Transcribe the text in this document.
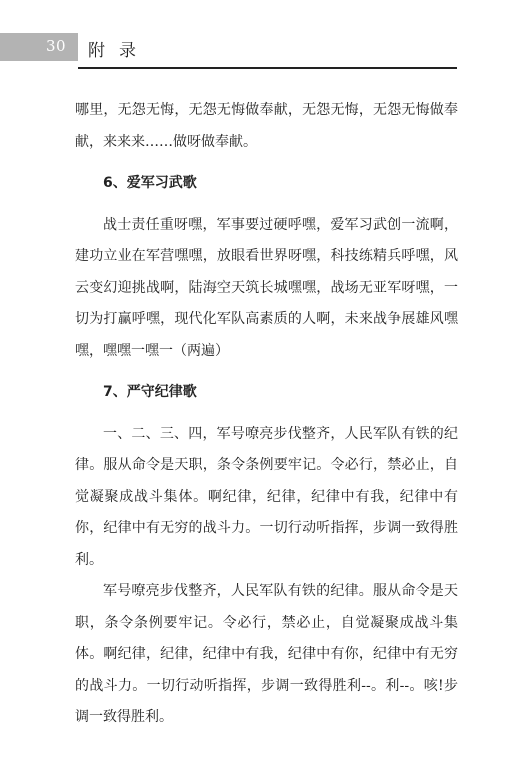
30 附录

哪里，无怨无悔，无怨无悔做奉献，无怨无悔，无怨无悔做奉献，来来来……做呀做奉献。

6、爱军习武歌

战士责任重呀嘿，军事要过硬呼嘿，爱军习武创一流啊，建功立业在军营嘿嘿，放眼看世界呀嘿，科技练精兵呼嘿，风云变幻迎挑战啊，陆海空天筑长城嘿嘿，战场无亚军呀嘿，一切为打赢呼嘿，现代化军队高素质的人啊，未来战争展雄风嘿嘿，嘿嘿一嘿一（两遍）

7、严守纪律歌

一、二、三、四，军号嘹亮步伐整齐，人民军队有铁的纪律。服从命令是天职，条令条例要牢记。令必行，禁必止，自觉凝聚成战斗集体。啊纪律，纪律，纪律中有我，纪律中有你，纪律中有无穷的战斗力。一切行动听指挥，步调一致得胜利。

军号嘹亮步伐整齐，人民军队有铁的纪律。服从命令是天职，条令条例要牢记。令必行，禁必止，自觉凝聚成战斗集体。啊纪律，纪律，纪律中有我，纪律中有你，纪律中有无穷的战斗力。一切行动听指挥，步调一致得胜利--。利--。咳!步调一致得胜利。
